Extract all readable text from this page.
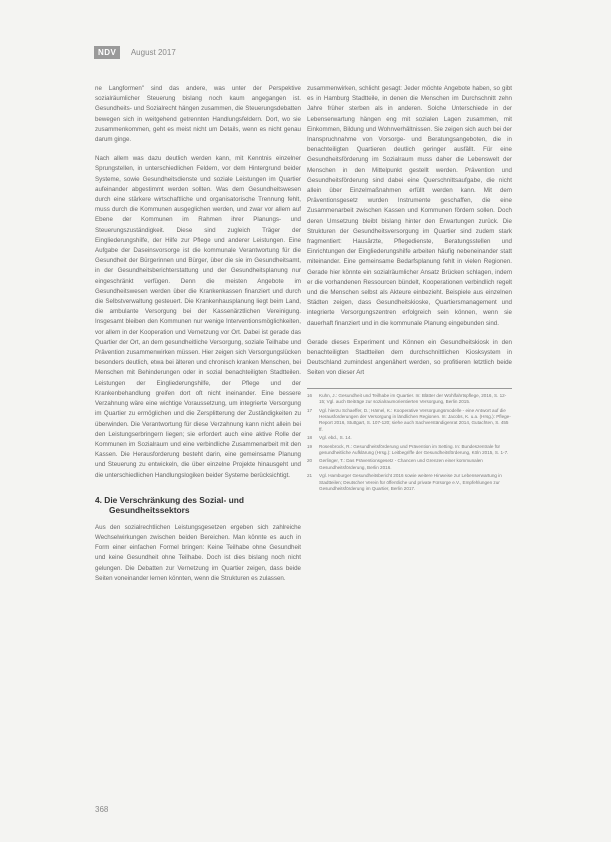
NDV August 2017

ne Langformen" sind das andere, was unter der Perspektive sozialräumlicher Steuerung bislang noch kaum angegangen ist. Gesundheits- und Sozialrecht hängen zusammen, die Steuerungsdebatten bewegen sich in weitgehend getrennten Handlungsfeldern. Dort, wo sie zusammenkommen, geht es meist nicht um Details, wenn es nicht genau darum ginge.

Nach allem was dazu deutlich werden kann, mit Kenntnis einzelner Sprungstellen, in unterschiedlichen Feldern, vor dem Hintergrund beider Systeme, sowie Gesundheitsdienste und soziale Leistungen im Quartier aufeinander abgestimmt werden sollten. Was dem Gesundheitswesen durch eine stärkere wirtschaftliche und organisatorische Trennung fehlt, muss durch die Kommunen ausgeglichen werden, und zwar vor allem auf Ebene der Kommunen im Rahmen ihrer Planungs- und Steuerungszuständigkeit. Diese sind zugleich Träger der Eingliederungshilfe, der Hilfe zur Pflege und anderer Leistungen. Eine Aufgabe der Daseinsvorsorge ist die kommunale Verantwortung für die Gesundheit der Bürgerinnen und Bürger, über die sie im Gesundheitsamt, in der Gesundheitsberichterstattung und der Gesundheitsplanung nur eingeschränkt verfügen. Denn die meisten Angebote im Gesundheitswesen werden über die Krankenkassen finanziert und durch die Selbstverwaltung gesteuert. Die Krankenhausplanung liegt beim Land, die ambulante Versorgung bei der Kassenärztlichen Vereinigung. Insgesamt bleiben den Kommunen nur wenige Interventionsmöglichkeiten, vor allem in der Kooperation und Vernetzung vor Ort. Dabei ist gerade das Quartier der Ort, an dem gesundheitliche Versorgung, soziale Teilhabe und Prävention zusammenwirken müssen. Hier zeigen sich Versorgungslücken besonders deutlich, etwa bei älteren und chronisch kranken Menschen, bei Menschen mit Behinderungen oder in sozial benachteiligten Stadtteilen. Leistungen der Eingliederungshilfe, der Pflege und der Krankenbehandlung greifen dort oft nicht ineinander. Eine bessere Verzahnung wäre eine wichtige Voraussetzung, um integrierte Versorgung im Quartier zu ermöglichen und die Zersplitterung der Zuständigkeiten zu überwinden. Die Verantwortung für diese Verzahnung kann nicht allein bei den Leistungserbringern liegen; sie erfordert auch eine aktive Rolle der Kommunen im Sozialraum und eine verbindliche Zusammenarbeit mit den Kassen. Die Herausforderung besteht darin, eine gemeinsame Planung und Steuerung zu entwickeln, die über einzelne Projekte hinausgeht und die unterschiedlichen Handlungslogiken beider Systeme berücksichtigt.

4. Die Verschränkung des Sozial- und Gesundheitssektors

Aus den sozialrechtlichen Leistungsgesetzen ergeben sich zahlreiche Wechselwirkungen zwischen beiden Bereichen. Man könnte es auch in Form einer einfachen Formel bringen: Keine Teilhabe ohne Gesundheit und keine Gesundheit ohne Teilhabe. Doch ist dies bislang noch nicht gelungen. Die Debatten zur Vernetzung im Quartier zeigen, dass beide Seiten voneinander lernen könnten, wenn die Strukturen es zulassen.

zusammenwirken, schlicht gesagt: Jeder möchte Angebote haben, so gibt es in Hamburg Stadtteile, in denen die Menschen im Durchschnitt zehn Jahre früher sterben als in anderen. Solche Unterschiede in der Lebenserwartung hängen eng mit sozialen Lagen zusammen, mit Einkommen, Bildung und Wohnverhältnissen. Sie zeigen sich auch bei der Inanspruchnahme von Vorsorge- und Beratungsangeboten, die in benachteiligten Quartieren deutlich geringer ausfällt. Für eine Gesundheitsförderung im Sozialraum muss daher die Lebenswelt der Menschen in den Mittelpunkt gestellt werden. Prävention und Gesundheitsförderung sind dabei eine Querschnittsaufgabe, die nicht allein über Einzelmaßnahmen erfüllt werden kann. Mit dem Präventionsgesetz wurden Instrumente geschaffen, die eine Zusammenarbeit zwischen Kassen und Kommunen fördern sollen. Doch deren Umsetzung bleibt bislang hinter den Erwartungen zurück. Die Strukturen der Gesundheitsversorgung im Quartier sind zudem stark fragmentiert: Hausärzte, Pflegedienste, Beratungsstellen und Einrichtungen der Eingliederungshilfe arbeiten häufig nebeneinander statt miteinander. Eine gemeinsame Bedarfsplanung fehlt in vielen Regionen. Gerade hier könnte ein sozialräumlicher Ansatz Brücken schlagen, indem er die vorhandenen Ressourcen bündelt, Kooperationen verbindlich regelt und die Menschen selbst als Akteure einbezieht. Beispiele aus einzelnen Städten zeigen, dass Gesundheitskioske, Quartiersmanagement und integrierte Versorgungszentren erfolgreich sein können, wenn sie dauerhaft finanziert und in die kommunale Planung eingebunden sind.

Gerade dieses Experiment und Können ein Gesundheitskiosk in den benachteiligten Stadtteilen dem durchschnittlichen Kiosksystem in Deutschland zumindest angenähert werden, so profitieren letztlich beide Seiten von dieser Art

16 Kuhn, J.: Gesundheit und Teilhabe im Quartier. In: Blätter der Wohlfahrtspflege, 2016, S. 12-15; Vgl. auch Beiträge zur sozialraumorientierten Versorgung, Berlin 2015.
17 Vgl. hierzu Schaeffer, D.; Hämel, K.: Kooperative Versorgungsmodelle - eine Antwort auf die Herausforderungen der Versorgung in ländlichen Regionen. In: Jacobs, K. u.a. (Hrsg.): Pflege-Report 2016, Stuttgart, S. 107-120; siehe auch Sachverständigenrat 2014, Gutachten, S. 455 ff.
18 Vgl. ebd., S. 14.
19 Rosenbrock, R.: Gesundheitsförderung und Prävention im Setting. In: Bundeszentrale für gesundheitliche Aufklärung (Hrsg.): Leitbegriffe der Gesundheitsförderung, Köln 2015, S. 1-7.
20 Gerlinger, T.: Das Präventionsgesetz - Chancen und Grenzen einer kommunalen Gesundheitsförderung, Berlin 2016.
21 Vgl. Hamburger Gesundheitsbericht 2016 sowie weitere Hinweise zur Lebenserwartung in Stadtteilen; Deutscher Verein für öffentliche und private Fürsorge e.V., Empfehlungen zur Gesundheitsförderung im Quartier, Berlin 2017.
368
